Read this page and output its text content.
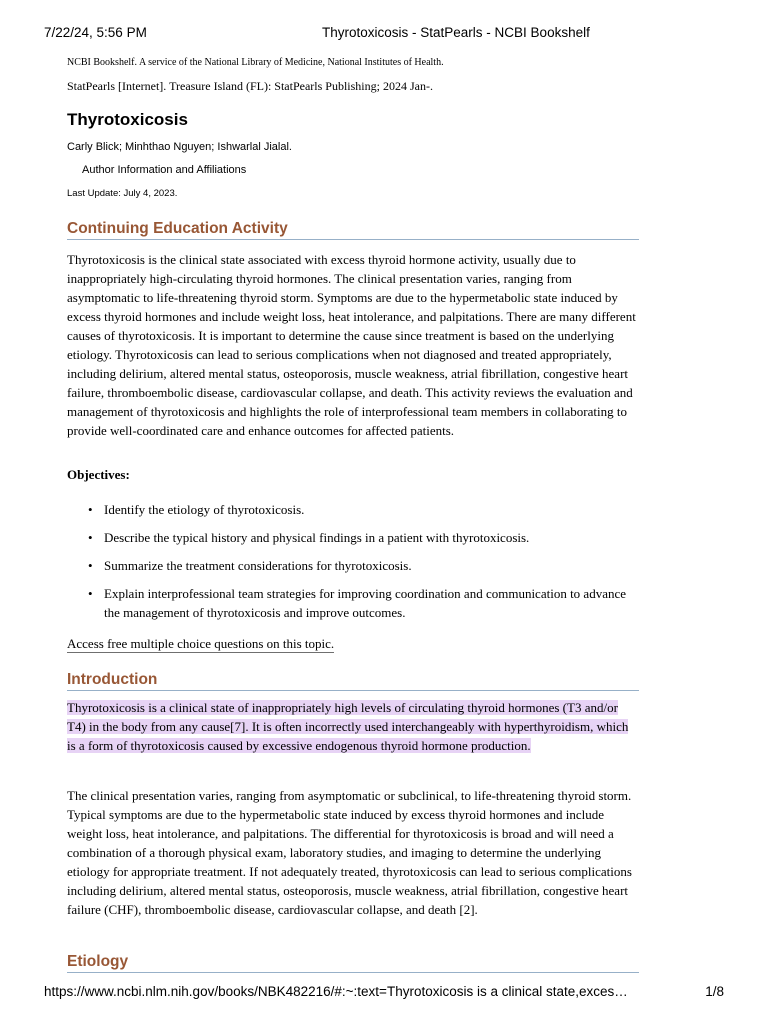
7/22/24, 5:56 PM	Thyrotoxicosis - StatPearls - NCBI Bookshelf

NCBI Bookshelf. A service of the National Library of Medicine, National Institutes of Health.

StatPearls [Internet]. Treasure Island (FL): StatPearls Publishing; 2024 Jan-.

Thyrotoxicosis

Carly Blick; Minhthao Nguyen; Ishwarlal Jialal.

Author Information and Affiliations

Last Update: July 4, 2023.

Continuing Education Activity

Thyrotoxicosis is the clinical state associated with excess thyroid hormone activity, usually due to inappropriately high-circulating thyroid hormones. The clinical presentation varies, ranging from asymptomatic to life-threatening thyroid storm. Symptoms are due to the hypermetabolic state induced by excess thyroid hormones and include weight loss, heat intolerance, and palpitations. There are many different causes of thyrotoxicosis. It is important to determine the cause since treatment is based on the underlying etiology. Thyrotoxicosis can lead to serious complications when not diagnosed and treated appropriately, including delirium, altered mental status, osteoporosis, muscle weakness, atrial fibrillation, congestive heart failure, thromboembolic disease, cardiovascular collapse, and death. This activity reviews the evaluation and management of thyrotoxicosis and highlights the role of interprofessional team members in collaborating to provide well-coordinated care and enhance outcomes for affected patients.

Objectives:

• Identify the etiology of thyrotoxicosis.
• Describe the typical history and physical findings in a patient with thyrotoxicosis.
• Summarize the treatment considerations for thyrotoxicosis.
• Explain interprofessional team strategies for improving coordination and communication to advance the management of thyrotoxicosis and improve outcomes.

Access free multiple choice questions on this topic.

Introduction

Thyrotoxicosis is a clinical state of inappropriately high levels of circulating thyroid hormones (T3 and/or T4) in the body from any cause[7]. It is often incorrectly used interchangeably with hyperthyroidism, which is a form of thyrotoxicosis caused by excessive endogenous thyroid hormone production.

The clinical presentation varies, ranging from asymptomatic or subclinical, to life-threatening thyroid storm. Typical symptoms are due to the hypermetabolic state induced by excess thyroid hormones and include weight loss, heat intolerance, and palpitations. The differential for thyrotoxicosis is broad and will need a combination of a thorough physical exam, laboratory studies, and imaging to determine the underlying etiology for appropriate treatment. If not adequately treated, thyrotoxicosis can lead to serious complications including delirium, altered mental status, osteoporosis, muscle weakness, atrial fibrillation, congestive heart failure (CHF), thromboembolic disease, cardiovascular collapse, and death [2].

Etiology
https://www.ncbi.nlm.nih.gov/books/NBK482216/#:~:text=Thyrotoxicosis is a clinical state,exces…	1/8
